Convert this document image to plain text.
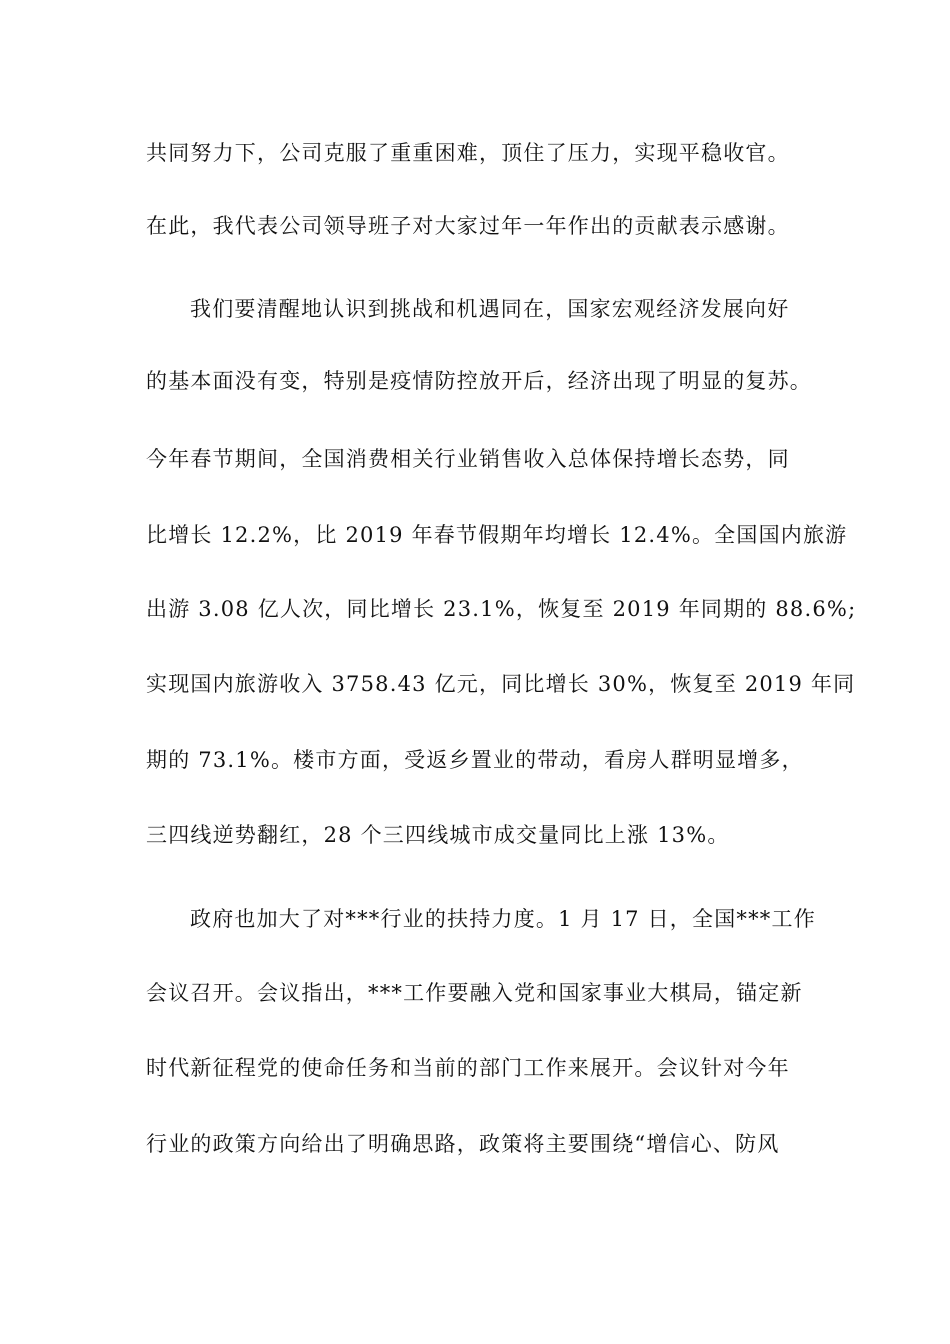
共同努力下，公司克服了重重困难，顶住了压力，实现平稳收官。
在此，我代表公司领导班子对大家过年一年作出的贡献表示感谢。
我们要清醒地认识到挑战和机遇同在，国家宏观经济发展向好
的基本面没有变，特别是疫情防控放开后，经济出现了明显的复苏。
今年春节期间，全国消费相关行业销售收入总体保持增长态势，同
比增长 12.2%，比 2019 年春节假期年均增长 12.4%。全国国内旅游
出游 3.08 亿人次，同比增长 23.1%，恢复至 2019 年同期的 88.6%;
实现国内旅游收入 3758.43 亿元，同比增长 30%，恢复至 2019 年同
期的 73.1%。楼市方面，受返乡置业的带动，看房人群明显增多，
三四线逆势翻红，28 个三四线城市成交量同比上涨 13%。
政府也加大了对***行业的扶持力度。1 月 17 日，全国***工作
会议召开。会议指出，***工作要融入党和国家事业大棋局，锚定新
时代新征程党的使命任务和当前的部门工作来展开。会议针对今年
行业的政策方向给出了明确思路，政策将主要围绕“增信心、防风
